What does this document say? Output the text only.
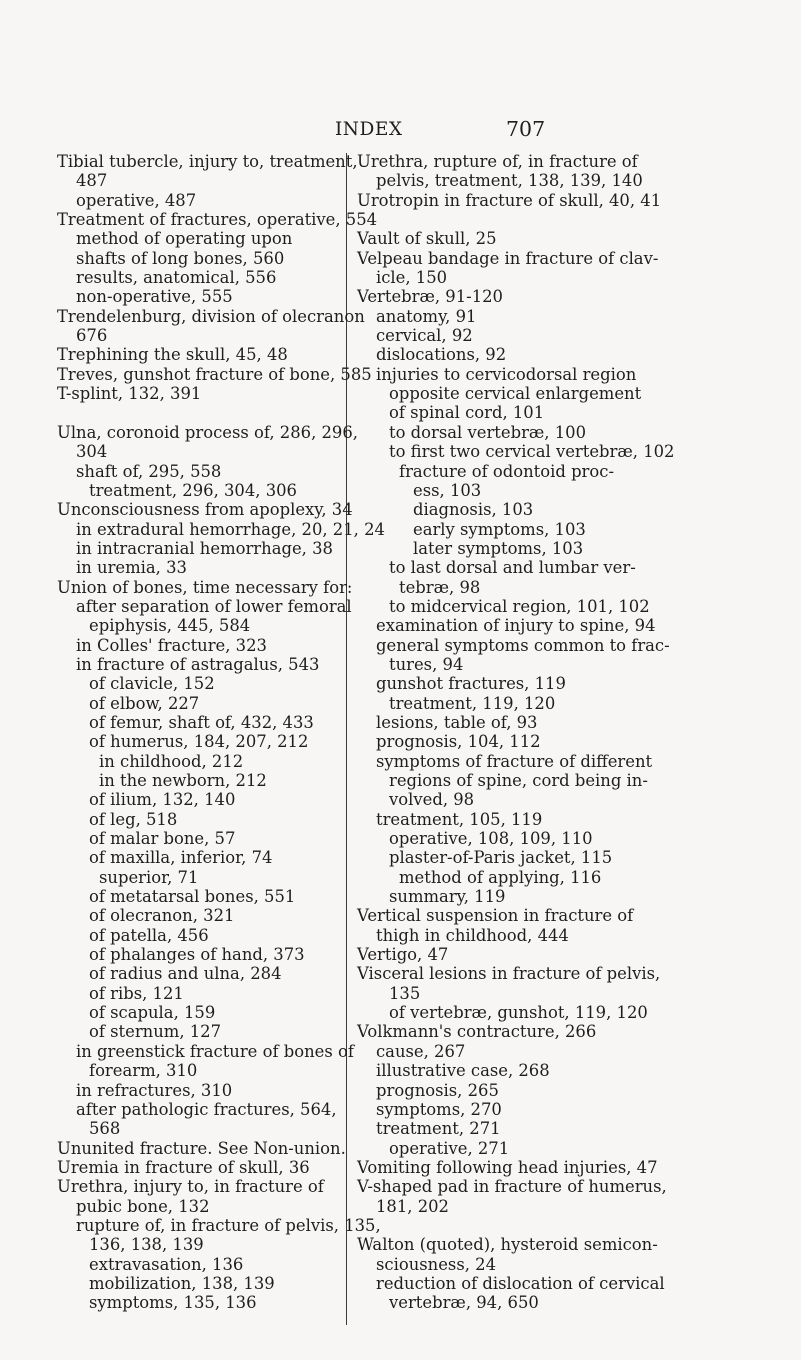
INDEX	707
Tibial tubercle, injury to, treatment,
487
operative, 487
Treatment of fractures, operative, 554
method of operating upon
shafts of long bones, 560
results, anatomical, 556
non-operative, 555
Trendelenburg, division of olecranon
676
Trephining the skull, 45, 48
Treves, gunshot fracture of bone, 585
T-splint, 132, 391
Ulna, coronoid process of, 286, 296,
304
shaft of, 295, 558
treatment, 296, 304, 306
Unconsciousness from apoplexy, 34
in extradural hemorrhage, 20, 21, 24
in intracranial hemorrhage, 38
in uremia, 33
Union of bones, time necessary for:
after separation of lower femoral
epiphysis, 445, 584
in Colles' fracture, 323
in fracture of astragalus, 543
of clavicle, 152
of elbow, 227
of femur, shaft of, 432, 433
of humerus, 184, 207, 212
in childhood, 212
in the newborn, 212
of ilium, 132, 140
of leg, 518
of malar bone, 57
of maxilla, inferior, 74
superior, 71
of metatarsal bones, 551
of olecranon, 321
of patella, 456
of phalanges of hand, 373
of radius and ulna, 284
of ribs, 121
of scapula, 159
of sternum, 127
in greenstick fracture of bones of
forearm, 310
in refractures, 310
after pathologic fractures, 564,
568
Ununited fracture. See Non-union.
Uremia in fracture of skull, 36
Urethra, injury to, in fracture of
pubic bone, 132
rupture of, in fracture of pelvis, 135,
136, 138, 139
extravasation, 136
mobilization, 138, 139
symptoms, 135, 136
Urethra, rupture of, in fracture of
pelvis, treatment, 138, 139, 140
Urotropin in fracture of skull, 40, 41
Vault of skull, 25
Velpeau bandage in fracture of clav-
icle, 150
Vertebræ, 91-120
anatomy, 91
cervical, 92
dislocations, 92
injuries to cervicodorsal region
opposite cervical enlargement
of spinal cord, 101
to dorsal vertebræ, 100
to first two cervical vertebræ, 102
fracture of odontoid proc-
ess, 103
diagnosis, 103
early symptoms, 103
later symptoms, 103
to last dorsal and lumbar ver-
tebræ, 98
to midcervical region, 101, 102
examination of injury to spine, 94
general symptoms common to frac-
tures, 94
gunshot fractures, 119
treatment, 119, 120
lesions, table of, 93
prognosis, 104, 112
symptoms of fracture of different
regions of spine, cord being in-
volved, 98
treatment, 105, 119
operative, 108, 109, 110
plaster-of-Paris jacket, 115
method of applying, 116
summary, 119
Vertical suspension in fracture of
thigh in childhood, 444
Vertigo, 47
Visceral lesions in fracture of pelvis,
135
of vertebræ, gunshot, 119, 120
Volkmann's contracture, 266
cause, 267
illustrative case, 268
prognosis, 265
symptoms, 270
treatment, 271
operative, 271
Vomiting following head injuries, 47
V-shaped pad in fracture of humerus,
181, 202
Walton (quoted), hysteroid semicon-
sciousness, 24
reduction of dislocation of cervical
vertebræ, 94, 650
